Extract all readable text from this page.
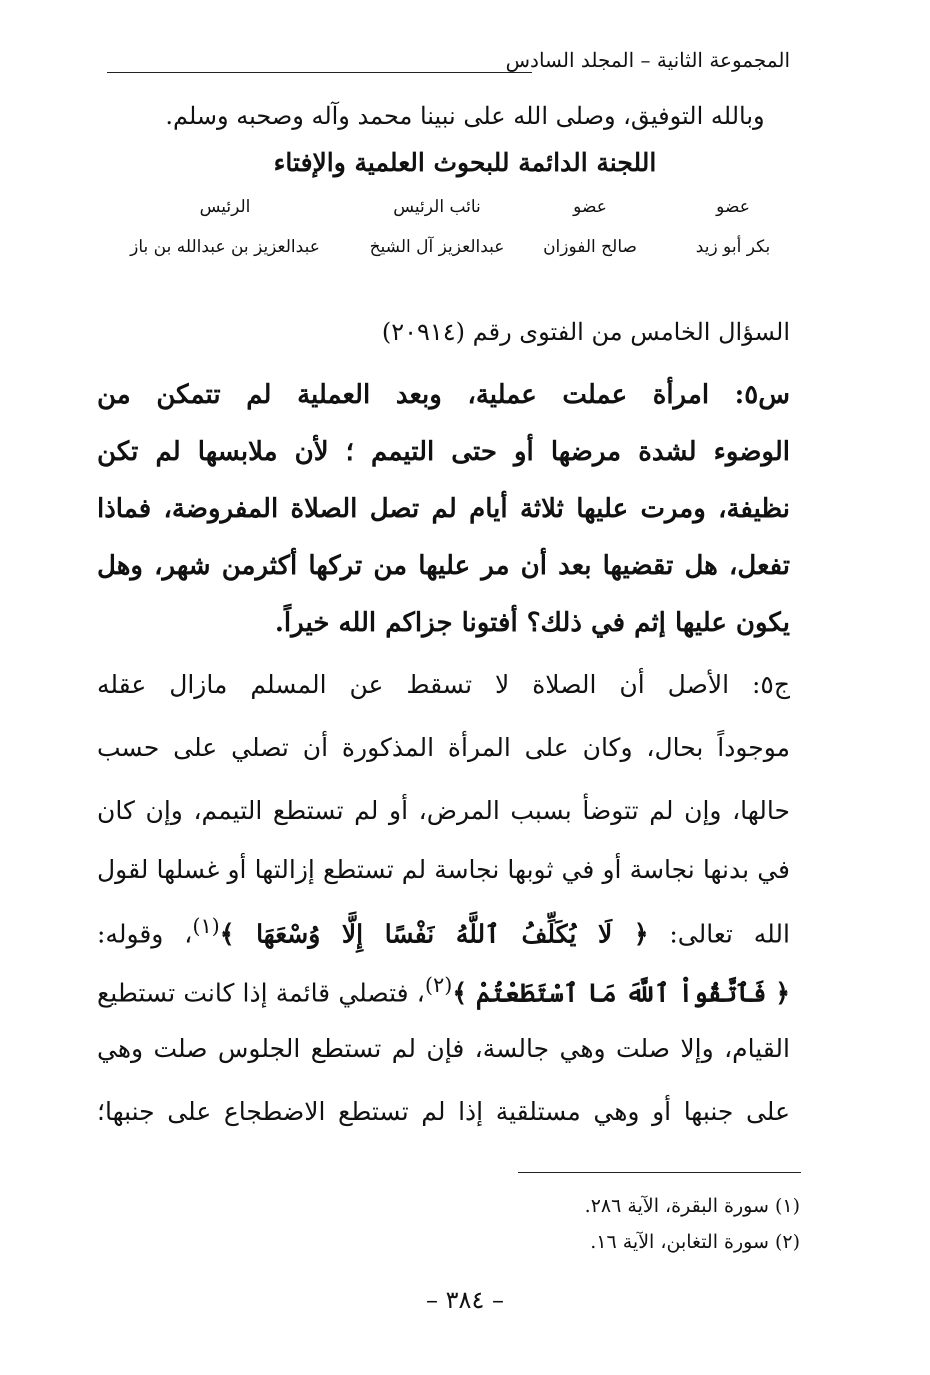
المجموعة الثانية – المجلد السادس
وبالله التوفيق، وصلى الله على نبينا محمد وآله وصحبه وسلم.
اللجنة الدائمة للبحوث العلمية والإفتاء
عضو
عضو
نائب الرئيس
الرئيس
بكر أبو زيد
صالح الفوزان
عبدالعزيز آل الشيخ
عبدالعزيز بن عبدالله بن باز
السؤال الخامس من الفتوى رقم (٢٠٩١٤)
س٥: امرأة عملت عملية، وبعد العملية لم تتمكن من
الوضوء لشدة مرضها أو حتى التيمم ؛ لأن ملابسها لم تكن
نظيفة، ومرت عليها ثلاثة أيام لم تصل الصلاة المفروضة، فماذا
تفعل، هل تقضيها بعد أن مر عليها من تركها أكثرمن شهر، وهل
يكون عليها إثم في ذلك؟ أفتونا جزاكم الله خيراً.
ج٥: الأصل أن الصلاة لا تسقط عن المسلم مازال عقله
موجوداً بحال، وكان على المرأة المذكورة أن تصلي على حسب
حالها، وإن لم تتوضأ بسبب المرض، أو لم تستطع التيمم، وإن كان
في بدنها نجاسة أو في ثوبها نجاسة لم تستطع إزالتها أو غسلها لقول
الله تعالى: ﴿ لَا يُكَلِّفُ ٱللَّهُ نَفْسًا إِلَّا وُسْعَهَا ﴾$^{(١)}$، وقوله:
﴿ فَٱتَّقُواْ ٱللَّهَ مَا ٱسْتَطَعْتُمْ ﴾$^{(٢)}$، فتصلي قائمة إذا كانت تستطيع
القيام، وإلا صلت وهي جالسة، فإن لم تستطع الجلوس صلت وهي
على جنبها أو وهي مستلقية إذا لم تستطع الاضطجاع على جنبها؛
(١) سورة البقرة، الآية ٢٨٦.
(٢) سورة التغابن، الآية ١٦.
– ٣٨٤ –
